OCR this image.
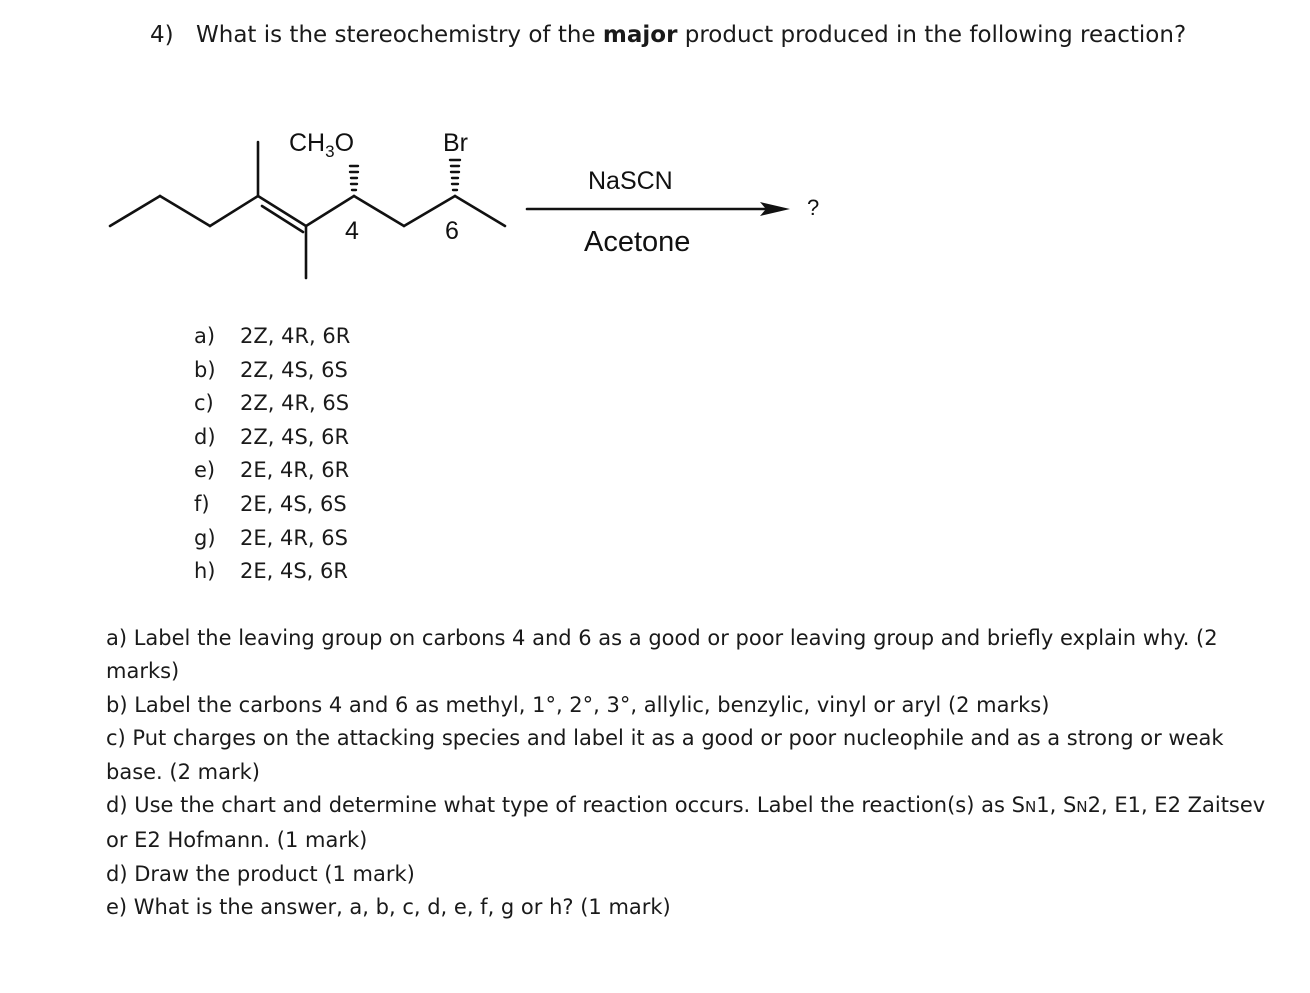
4) What is the stereochemistry of the major product produced in the following reaction?
$CH_3O$	Br
4	6
NaSCN
Acetone
?
a)	2Z, 4R, 6R
b)	2Z, 4S, 6S
c)	2Z, 4R, 6S
d)	2Z, 4S, 6R
e)	2E, 4R, 6R
f)	2E, 4S, 6S
g)	2E, 4R, 6S
h)	2E, 4S, 6R

a) Label the leaving group on carbons 4 and 6 as a good or poor leaving group and briefly explain why. (2 marks)

b) Label the carbons 4 and 6 as methyl, 1°, 2°, 3°, allylic, benzylic, vinyl or aryl (2 marks)

c) Put charges on the attacking species and label it as a good or poor nucleophile and as a strong or weak base. (2 mark)

d) Use the chart and determine what type of reaction occurs. Label the reaction(s) as SN1, SN2, E1, E2 Zaitsev or E2 Hofmann. (1 mark)

d) Draw the product (1 mark)

e) What is the answer, a, b, c, d, e, f, g or h? (1 mark)
